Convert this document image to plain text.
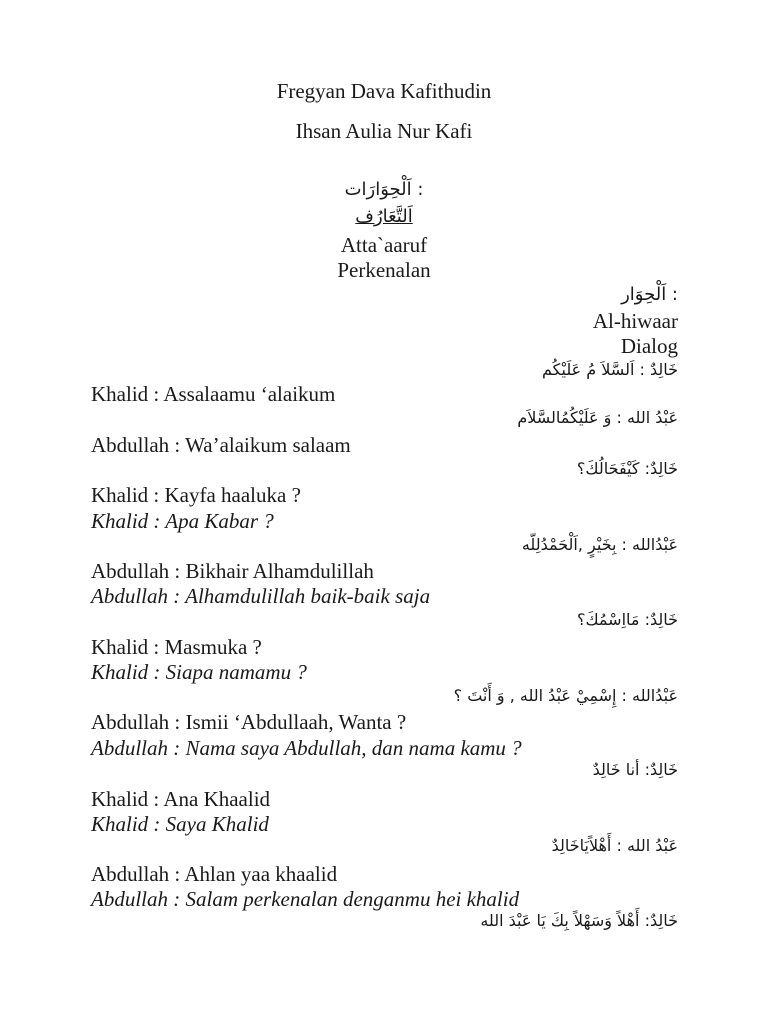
Fregyan Dava Kafithudin
Ihsan Aulia Nur Kafi
: اَلْحِوَارَات
اَلتَّعَارُف
Atta`aaruf
Perkenalan
: اَلْحِوَار
Al-hiwaar
Dialog
خَالِدٌ : اَلسَّلاَ مُ عَلَيْكُم
Khalid : Assalaamu ‘alaikum
عَبْدُ الله : وَ عَلَيْكُمُالسَّلاَم
Abdullah : Wa’alaikum salaam
خَالِدٌ: كَيْفَحَالُكَ؟
Khalid : Kayfa haaluka ?
Khalid : Apa Kabar ?
عَبْدُالله : بِخَيْرٍ ,اَلْحَمْدُلِلّه
Abdullah : Bikhair Alhamdulillah
Abdullah : Alhamdulillah baik-baik saja
خَالِدٌ: مَااِسْمُكَ؟
Khalid : Masmuka ?
Khalid : Siapa namamu ?
عَبْدُالله : إِسْمِيْ عَبْدُ الله , وَ أَنْتَ ؟
Abdullah : Ismii ‘Abdullaah, Wanta ?
Abdullah : Nama saya Abdullah, dan nama kamu ?
خَالِدٌ: أنا خَالِدٌ
Khalid : Ana Khaalid
Khalid : Saya Khalid
عَبْدُ الله : أَهْلاًيَاخَالِدٌ
Abdullah : Ahlan yaa khaalid
Abdullah : Salam perkenalan denganmu hei khalid
خَالِدٌ: أَهْلاً وَسَهْلاً بِكَ يَا عَبْدَ الله
